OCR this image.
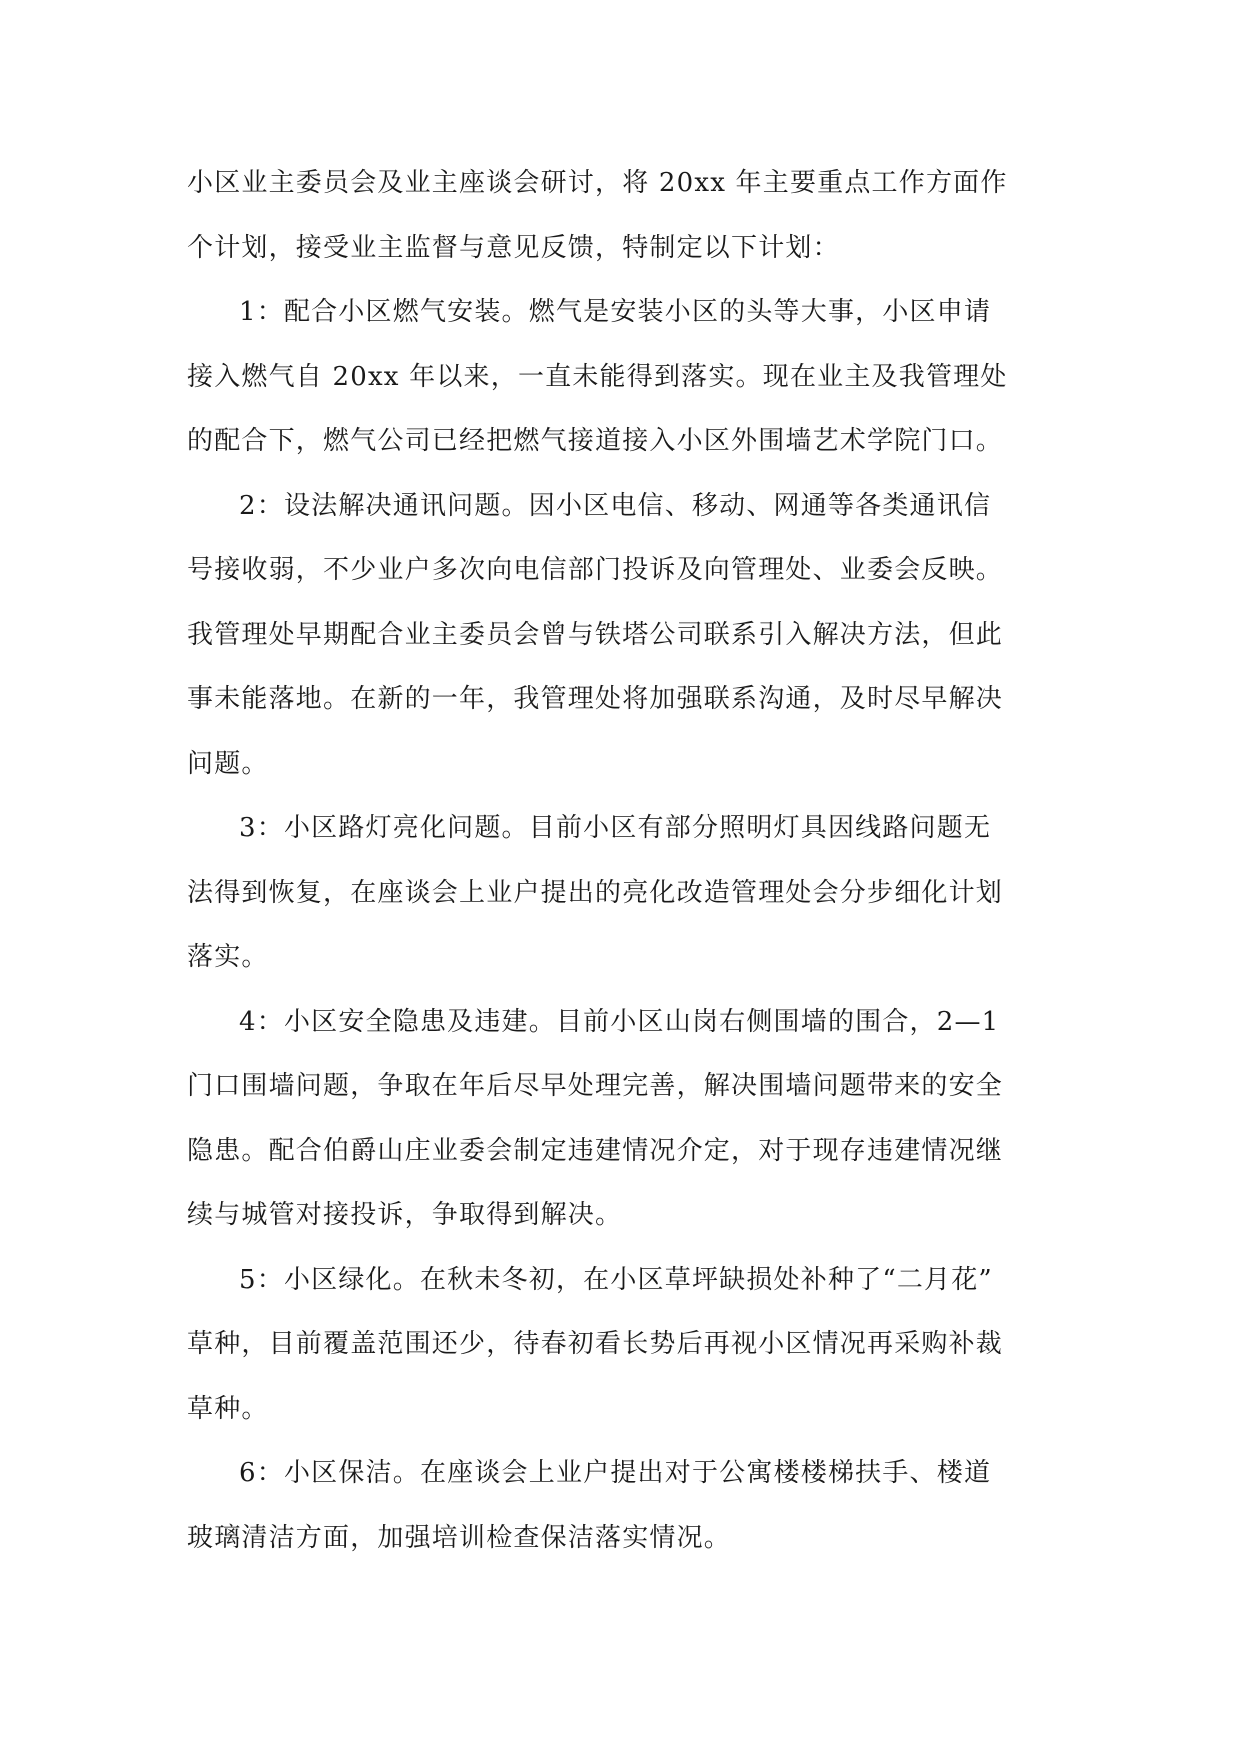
小区业主委员会及业主座谈会研讨，将 20xx 年主要重点工作方面作
个计划，接受业主监督与意见反馈，特制定以下计划：
1：配合小区燃气安装。燃气是安装小区的头等大事，小区申请
接入燃气自 20xx 年以来，一直未能得到落实。现在业主及我管理处
的配合下，燃气公司已经把燃气接道接入小区外围墙艺术学院门口。
2：设法解决通讯问题。因小区电信、移动、网通等各类通讯信
号接收弱，不少业户多次向电信部门投诉及向管理处、业委会反映。
我管理处早期配合业主委员会曾与铁塔公司联系引入解决方法，但此
事未能落地。在新的一年，我管理处将加强联系沟通，及时尽早解决
问题。
3：小区路灯亮化问题。目前小区有部分照明灯具因线路问题无
法得到恢复，在座谈会上业户提出的亮化改造管理处会分步细化计划
落实。
4：小区安全隐患及违建。目前小区山岗右侧围墙的围合，2—1
门口围墙问题，争取在年后尽早处理完善，解决围墙问题带来的安全
隐患。配合伯爵山庄业委会制定违建情况介定，对于现存违建情况继
续与城管对接投诉，争取得到解决。
5：小区绿化。在秋未冬初，在小区草坪缺损处补种了“二月花”
草种，目前覆盖范围还少，待春初看长势后再视小区情况再采购补裁
草种。
6：小区保洁。在座谈会上业户提出对于公寓楼楼梯扶手、楼道
玻璃清洁方面，加强培训检查保洁落实情况。
